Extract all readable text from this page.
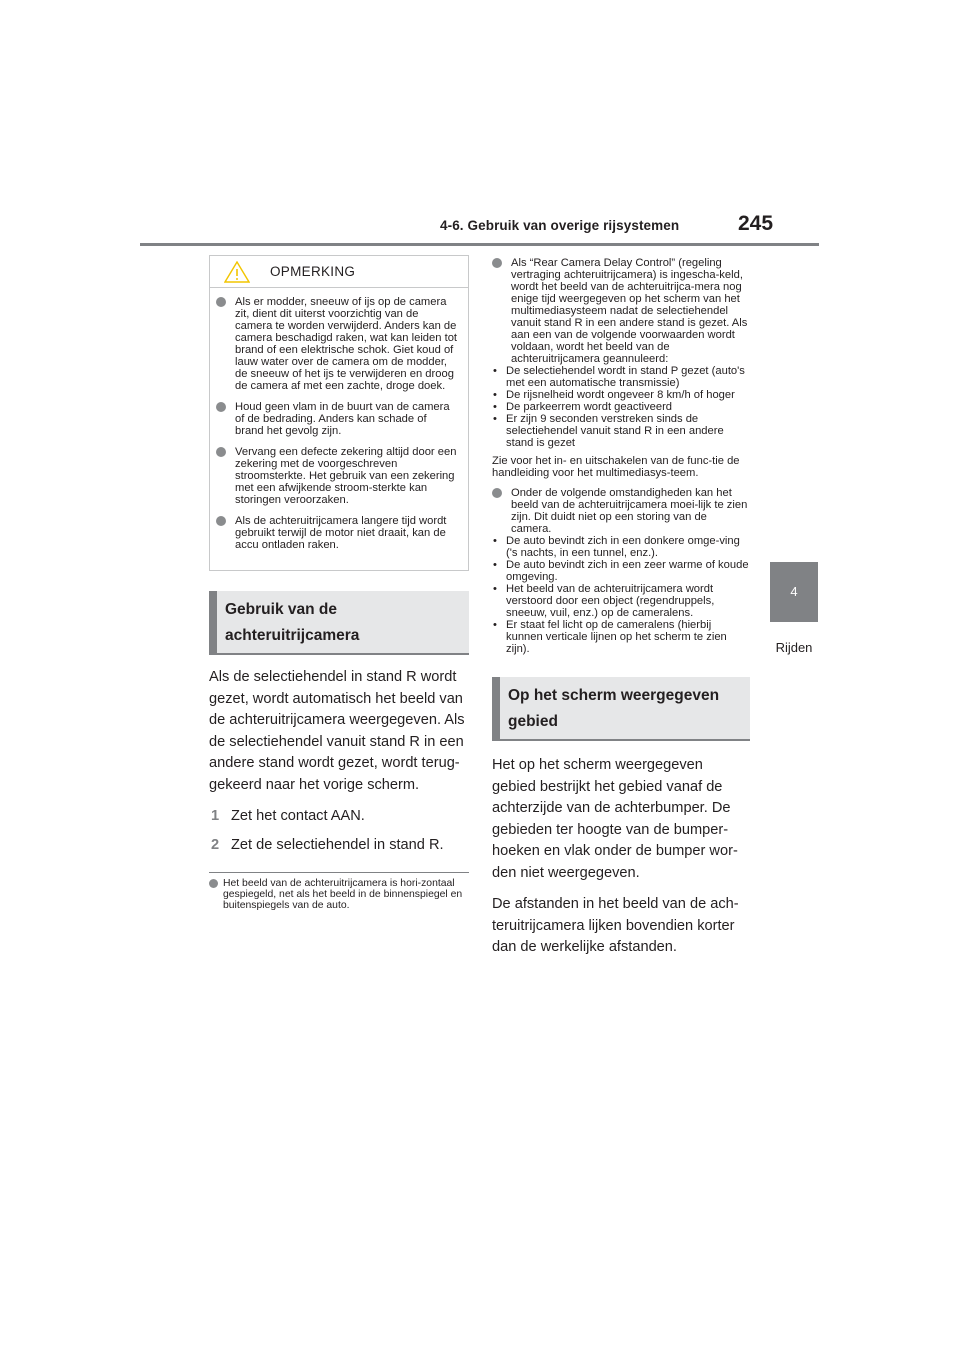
4-6. Gebruik van overige rijsystemen	245
4
Rijden
OPMERKING

Als er modder, sneeuw of ijs op de camera zit, dient dit uiterst voorzichtig van de camera te worden verwijderd. Anders kan de camera beschadigd raken, wat kan leiden tot brand of een elektrische schok. Giet koud of lauw water over de camera om de modder, de sneeuw of het ijs te verwijderen en droog de camera af met een zachte, droge doek.

Houd geen vlam in de buurt van de camera of de bedrading. Anders kan schade of brand het gevolg zijn.

Vervang een defecte zekering altijd door een zekering met de voorgeschreven stroomsterkte. Het gebruik van een zekering met een afwijkende stroom-sterkte kan storingen veroorzaken.

Als de achteruitrijcamera langere tijd wordt gebruikt terwijl de motor niet draait, kan de accu ontladen raken.

Gebruik van de achteruitrijcamera

Als de selectiehendel in stand R wordt gezet, wordt automatisch het beeld van de achteruitrijcamera weergegeven. Als de selectiehendel vanuit stand R in een andere stand wordt gezet, wordt terug-gekeerd naar het vorige scherm.

1 Zet het contact AAN.

2 Zet de selectiehendel in stand R.

Het beeld van de achteruitrijcamera is hori-zontaal gespiegeld, net als het beeld in de binnenspiegel en buitenspiegels van de auto.

Als “Rear Camera Delay Control” (regeling vertraging achteruitrijcamera) is ingescha-keld, wordt het beeld van de achteruitrijca-mera nog enige tijd weergegeven op het scherm van het multimediasysteem nadat de selectiehendel vanuit stand R in een andere stand is gezet. Als aan een van de volgende voorwaarden wordt voldaan, wordt het beeld van de achteruitrijcamera geannuleerd:

• De selectiehendel wordt in stand P gezet (auto's met een automatische transmissie)
• De rijsnelheid wordt ongeveer 8 km/h of hoger
• De parkeerrem wordt geactiveerd
• Er zijn 9 seconden verstreken sinds de selectiehendel vanuit stand R in een andere stand is gezet

Zie voor het in- en uitschakelen van de func-tie de handleiding voor het multimediasys-teem.

Onder de volgende omstandigheden kan het beeld van de achteruitrijcamera moei-lijk te zien zijn. Dit duidt niet op een storing van de camera.

• De auto bevindt zich in een donkere omge-ving ('s nachts, in een tunnel, enz.).
• De auto bevindt zich in een zeer warme of koude omgeving.
• Het beeld van de achteruitrijcamera wordt verstoord door een object (regendruppels, sneeuw, vuil, enz.) op de cameralens.
• Er staat fel licht op de cameralens (hierbij kunnen verticale lijnen op het scherm te zien zijn).
Op het scherm weergegeven gebied

Het op het scherm weergegeven gebied bestrijkt het gebied vanaf de achterzijde van de achterbumper. De gebieden ter hoogte van de bumper-hoeken en vlak onder de bumper wor-den niet weergegeven.

De afstanden in het beeld van de ach-teruitrijcamera lijken bovendien korter dan de werkelijke afstanden.
